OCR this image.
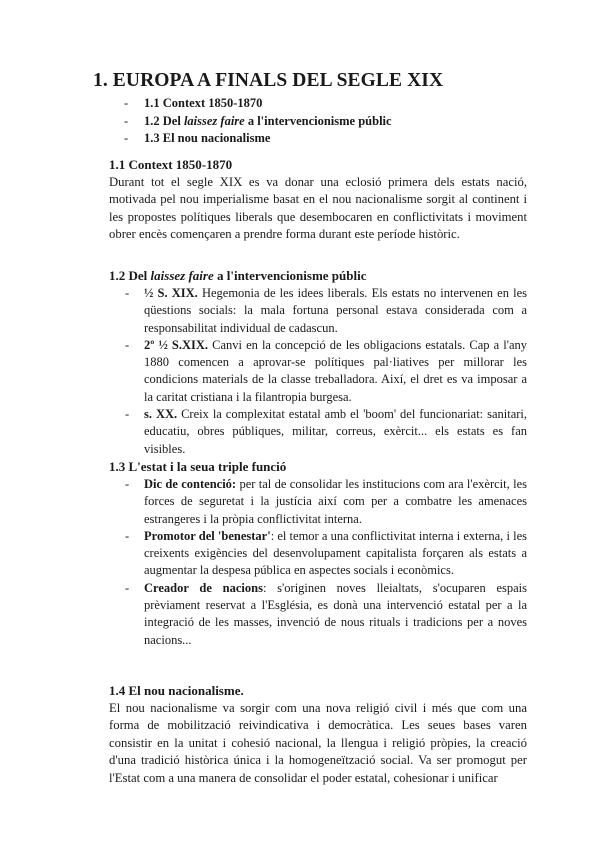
1. EUROPA A FINALS DEL SEGLE XIX
- 1.1 Context 1850-1870
- 1.2 Del laissez faire a l'intervencionisme públic
- 1.3 El nou nacionalisme
1.1 Context 1850-1870

Durant tot el segle XIX es va donar una eclosió primera dels estats nació, motivada pel nou imperialisme basat en el nou nacionalisme sorgit al continent i les propostes polítiques liberals que desembocaren en conflictivitats i moviment obrer encès començaren a prendre forma durant este període històric.

1.2 Del laissez faire a l'intervencionisme públic
- ½ S. XIX. Hegemonia de les idees liberals. Els estats no intervenen en les qüestions socials: la mala fortuna personal estava considerada com a responsabilitat individual de cadascun.
- 2º ½ S.XIX. Canvi en la concepció de les obligacions estatals. Cap a l'any 1880 comencen a aprovar-se polítiques pal·liatives per millorar les condicions materials de la classe treballadora. Així, el dret es va imposar a la caritat cristiana i la filantropia burgesa.
- s. XX. Creix la complexitat estatal amb el 'boom' del funcionariat: sanitari, educatiu, obres públiques, militar, correus, exèrcit... els estats es fan visibles.
1.3 L'estat i la seua triple funció
- Dic de contenció: per tal de consolidar les institucions com ara l'exèrcit, les forces de seguretat i la justícia així com per a combatre les amenaces estrangeres i la pròpia conflictivitat interna.
- Promotor del 'benestar': el temor a una conflictivitat interna i externa, i les creixents exigències del desenvolupament capitalista forçaren als estats a augmentar la despesa pública en aspectes socials i econòmics.
- Creador de nacions: s'originen noves lleialtats, s'ocuparen espais prèviament reservat a l'Església, es donà una intervenció estatal per a la integració de les masses, invenció de nous rituals i tradicions per a noves nacions...
1.4 El nou nacionalisme.

El nou nacionalisme va sorgir com una nova religió civil i més que com una forma de mobilització reivindicativa i democràtica. Les seues bases varen consistir en la unitat i cohesió nacional, la llengua i religió pròpies, la creació d'una tradició històrica única i la homogeneïtzació social. Va ser promogut per l'Estat com a una manera de consolidar el poder estatal, cohesionar i unificar
